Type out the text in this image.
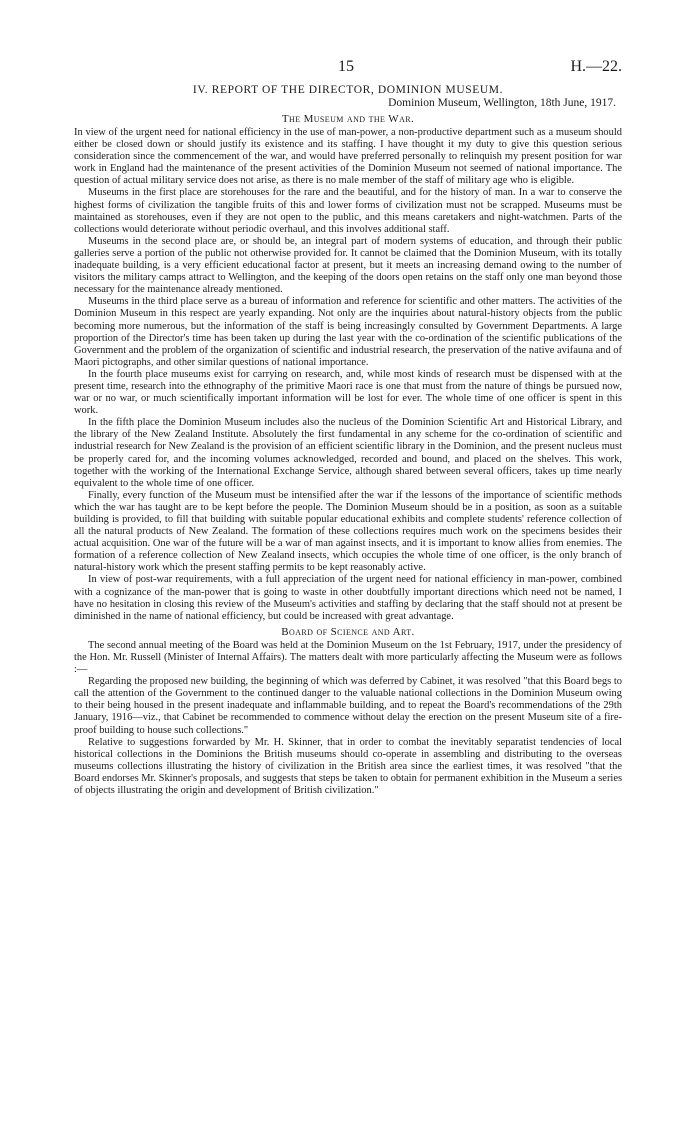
15	H.—22.
IV. REPORT OF THE DIRECTOR, DOMINION MUSEUM.
Dominion Museum, Wellington, 18th June, 1917.
The Museum and the War.

In view of the urgent need for national efficiency in the use of man-power, a non-productive department such as a museum should either be closed down or should justify its existence and its staffing. I have thought it my duty to give this question serious consideration since the commencement of the war, and would have preferred personally to relinquish my present position for war work in England had the maintenance of the present activities of the Dominion Museum not seemed of national importance. The question of actual military service does not arise, as there is no male member of the staff of military age who is eligible.

Museums in the first place are storehouses for the rare and the beautiful, and for the history of man. In a war to conserve the highest forms of civilization the tangible fruits of this and lower forms of civilization must not be scrapped. Museums must be maintained as storehouses, even if they are not open to the public, and this means caretakers and night-watchmen. Parts of the collections would deteriorate without periodic overhaul, and this involves additional staff.

Museums in the second place are, or should be, an integral part of modern systems of education, and through their public galleries serve a portion of the public not otherwise provided for. It cannot be claimed that the Dominion Museum, with its totally inadequate building, is a very efficient educational factor at present, but it meets an increasing demand owing to the number of visitors the military camps attract to Wellington, and the keeping of the doors open retains on the staff only one man beyond those necessary for the maintenance already mentioned.

Museums in the third place serve as a bureau of information and reference for scientific and other matters. The activities of the Dominion Museum in this respect are yearly expanding. Not only are the inquiries about natural-history objects from the public becoming more numerous, but the information of the staff is being increasingly consulted by Government Departments. A large proportion of the Director's time has been taken up during the last year with the co-ordination of the scientific publications of the Government and the problem of the organization of scientific and industrial research, the preservation of the native avifauna and of Maori pictographs, and other similar questions of national importance.

In the fourth place museums exist for carrying on research, and, while most kinds of research must be dispensed with at the present time, research into the ethnography of the primitive Maori race is one that must from the nature of things be pursued now, war or no war, or much scientifically important information will be lost for ever. The whole time of one officer is spent in this work.

In the fifth place the Dominion Museum includes also the nucleus of the Dominion Scientific Art and Historical Library, and the library of the New Zealand Institute. Absolutely the first fundamental in any scheme for the co-ordination of scientific and industrial research for New Zealand is the provision of an efficient scientific library in the Dominion, and the present nucleus must be properly cared for, and the incoming volumes acknowledged, recorded and bound, and placed on the shelves. This work, together with the working of the International Exchange Service, although shared between several officers, takes up time nearly equivalent to the whole time of one officer.

Finally, every function of the Museum must be intensified after the war if the lessons of the importance of scientific methods which the war has taught are to be kept before the people. The Dominion Museum should be in a position, as soon as a suitable building is provided, to fill that building with suitable popular educational exhibits and complete students' reference collection of all the natural products of New Zealand. The formation of these collections requires much work on the specimens besides their actual acquisition. One war of the future will be a war of man against insects, and it is important to know allies from enemies. The formation of a reference collection of New Zealand insects, which occupies the whole time of one officer, is the only branch of natural-history work which the present staffing permits to be kept reasonably active.

In view of post-war requirements, with a full appreciation of the urgent need for national efficiency in man-power, combined with a cognizance of the man-power that is going to waste in other doubtfully important directions which need not be named, I have no hesitation in closing this review of the Museum's activities and staffing by declaring that the staff should not at present be diminished in the name of national efficiency, but could be increased with great advantage.

Board of Science and Art.

The second annual meeting of the Board was held at the Dominion Museum on the 1st February, 1917, under the presidency of the Hon. Mr. Russell (Minister of Internal Affairs). The matters dealt with more particularly affecting the Museum were as follows :—

Regarding the proposed new building, the beginning of which was deferred by Cabinet, it was resolved "that this Board begs to call the attention of the Government to the continued danger to the valuable national collections in the Dominion Museum owing to their being housed in the present inadequate and inflammable building, and to repeat the Board's recommendations of the 29th January, 1916—viz., that Cabinet be recommended to commence without delay the erection on the present Museum site of a fire-proof building to house such collections."

Relative to suggestions forwarded by Mr. H. Skinner, that in order to combat the inevitably separatist tendencies of local historical collections in the Dominions the British museums should co-operate in assembling and distributing to the overseas museums collections illustrating the history of civilization in the British area since the earliest times, it was resolved "that the Board endorses Mr. Skinner's proposals, and suggests that steps be taken to obtain for permanent exhibition in the Museum a series of objects illustrating the origin and development of British civilization."
